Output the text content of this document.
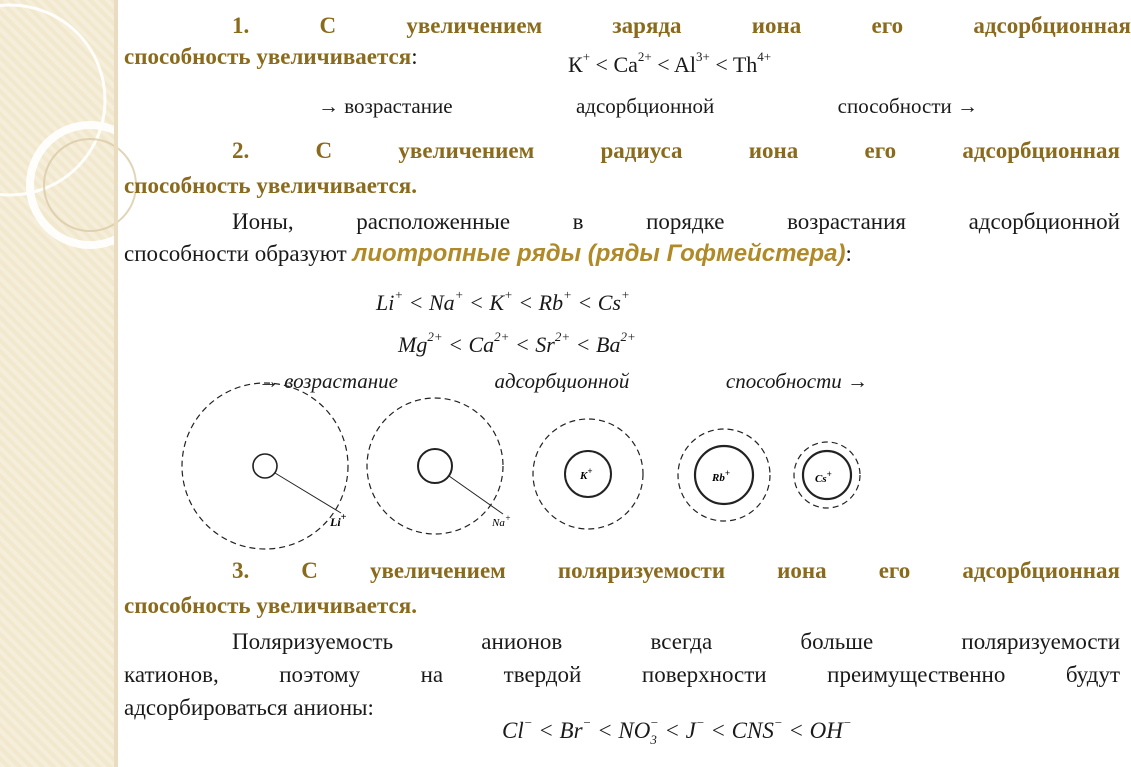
1.	С	увеличением	заряда	иона	его	адсорбционная
способность увеличивается:	$К^+ < Ca^{2+} < Al^{3+} < Th^{4+}$
→ возрастание	адсорбционной	способности →
2.	С	увеличением	радиуса	иона	его	адсорбционная
способность увеличивается.
Ионы,	расположенные	в	порядке	возрастания	адсорбционной
способности образуют лиотропные ряды (ряды Гофмейстера):
Li+ < Na+ < K+ < Rb+ < Cs+
$Mg^{2+} < Ca^{2+} < Sr^{2+} < Ba^{2+}$
→ возрастание	адсорбционной	способности →
Li+	Na+
K+
Rb+	Cs+
3. С увеличением поляризуемости иона его адсорбционная
способность увеличивается.
Поляризуемость	анионов	всегда	больше	поляризуемости
катионов,	поэтому	на	твердой	поверхности	преимущественно	будут
адсорбироваться анионы:
$Cl^- < Br^- < NO_3^- < J^- < CNS^- < OH^-$
